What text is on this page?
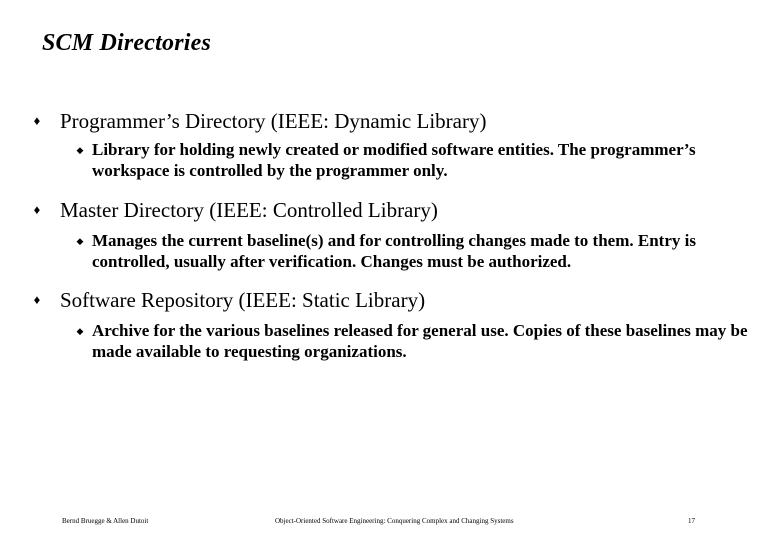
SCM Directories
♦ Programmer’s Directory (IEEE: Dynamic Library)
◆ Library for holding newly created or modified software entities. The programmer’s workspace is controlled by the programmer only.
♦ Master Directory (IEEE: Controlled Library)
◆ Manages the current baseline(s) and for controlling changes made to them. Entry is controlled, usually after verification. Changes must be authorized.
♦ Software Repository (IEEE: Static Library)
◆ Archive for the various baselines released for general use. Copies of these baselines may be made available to requesting organizations.
Bernd Bruegge & Allen Dutoit	Object-Oriented Software Engineering: Conquering Complex and Changing Systems	17
